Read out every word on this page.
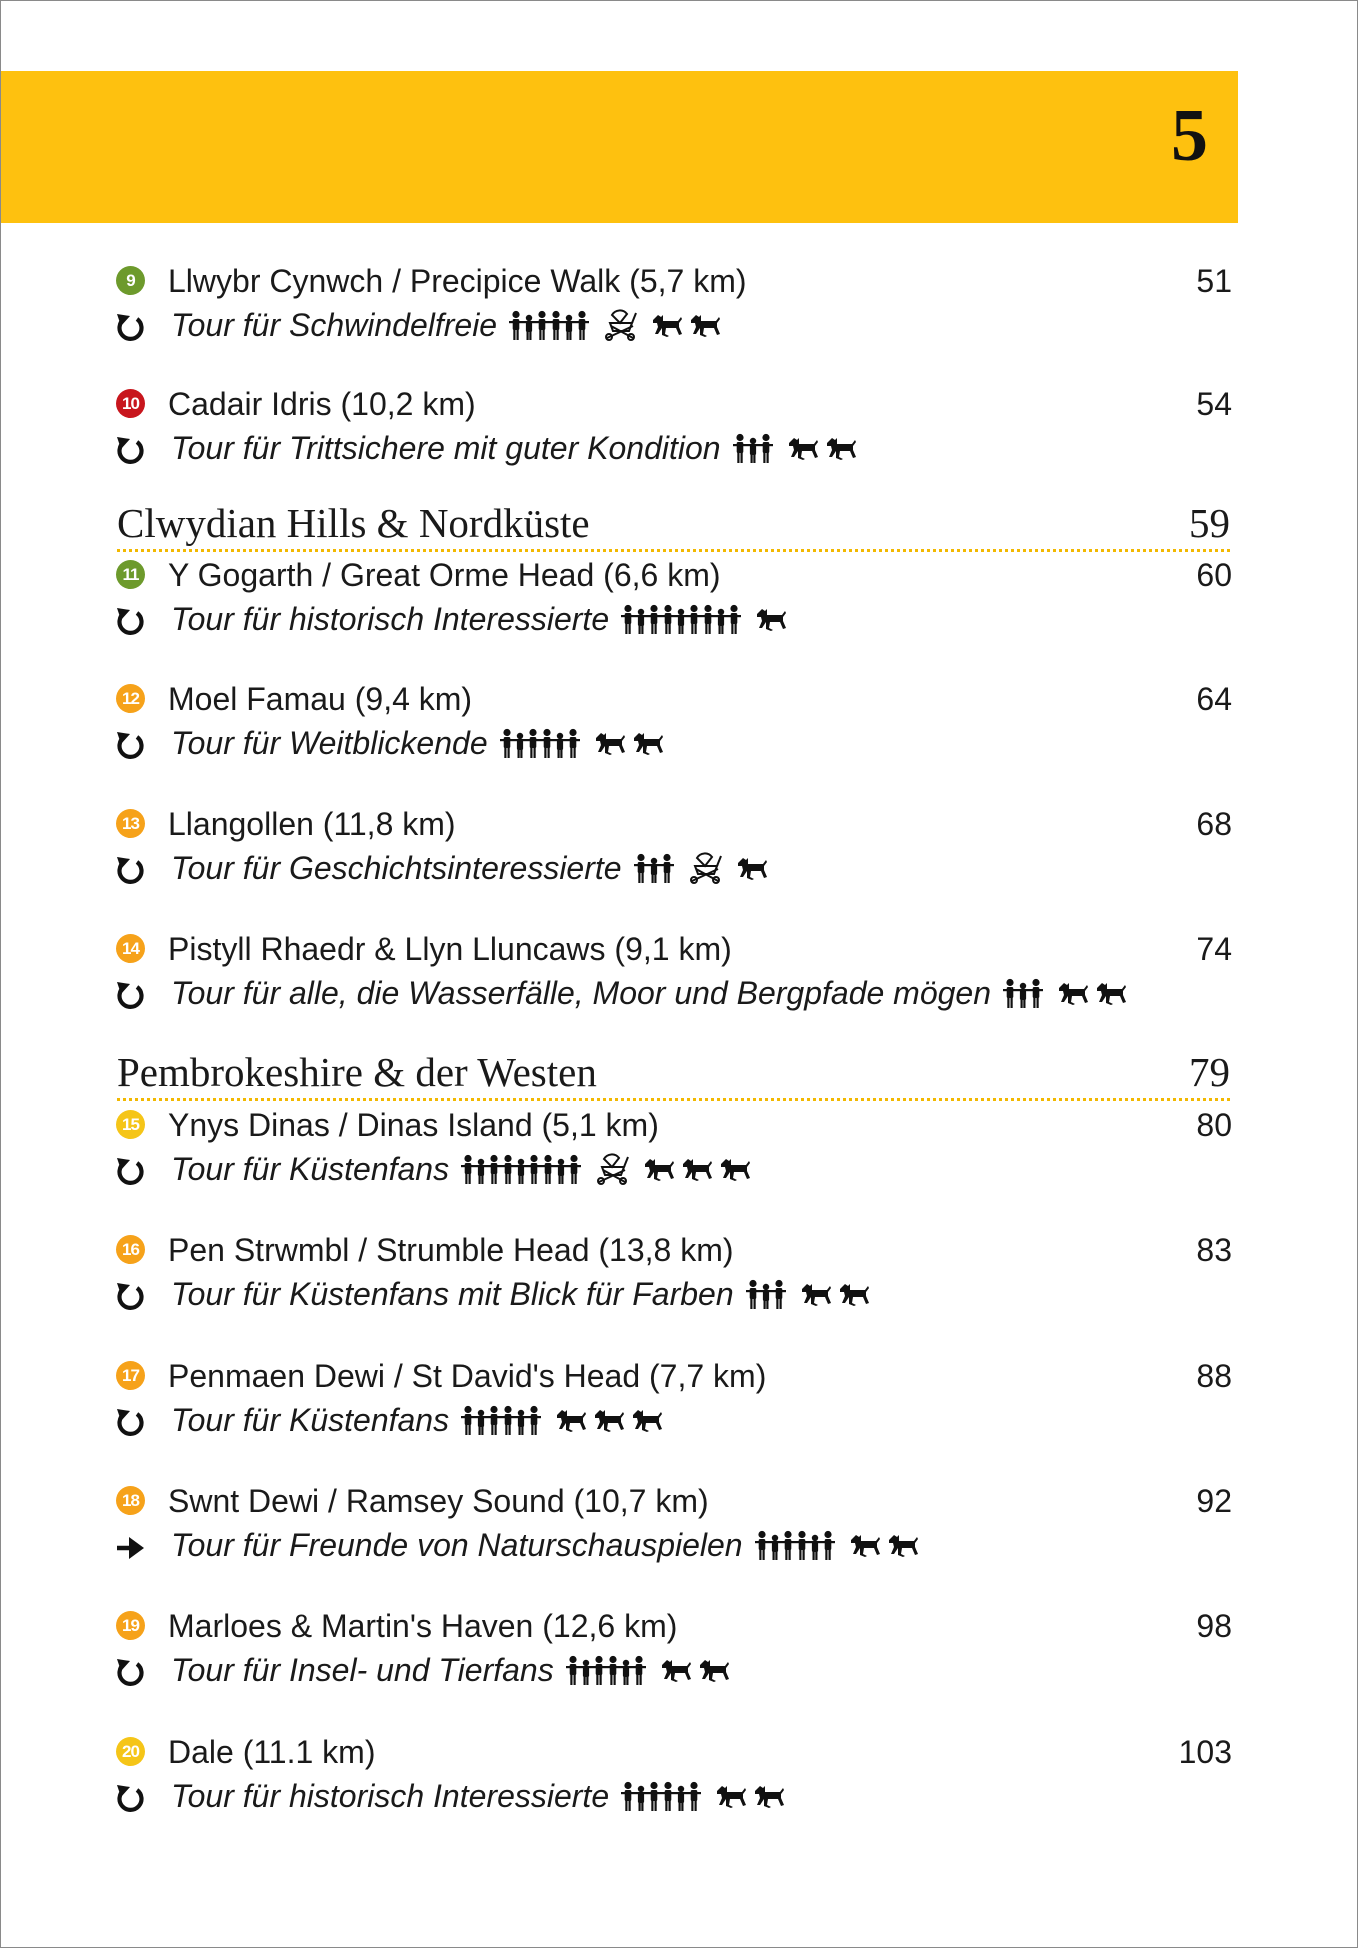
5
9	Llwybr Cynwch / Precipice Walk (5,7 km)	51
Tour für Schwindelfreie
10 Cadair Idris (10,2 km)	54
Tour für Trittsichere mit guter Kondition
Clwydian Hills & Nordküste	59
11 Y Gogarth / Great Orme Head (6,6 km)	60
Tour für historisch Interessierte
12 Moel Famau (9,4 km)	64
Tour für Weitblickende
13 Llangollen (11,8 km)	68
Tour für Geschichtsinteressierte
14 Pistyll Rhaedr & Llyn Lluncaws (9,1 km)	74
Tour für alle, die Wasserfälle, Moor und Bergpfade mögen
Pembrokeshire & der Westen	79
15 Ynys Dinas / Dinas Island (5,1 km)	80
Tour für Küstenfans
16 Pen Strwmbl / Strumble Head (13,8 km)	83
Tour für Küstenfans mit Blick für Farben
17 Penmaen Dewi / St David's Head (7,7 km)	88
Tour für Küstenfans
18 Swnt Dewi / Ramsey Sound (10,7 km)	92
Tour für Freunde von Naturschauspielen
19 Marloes & Martin's Haven (12,6 km)	98
Tour für Insel- und Tierfans
20 Dale (11.1 km)	103
Tour für historisch Interessierte
